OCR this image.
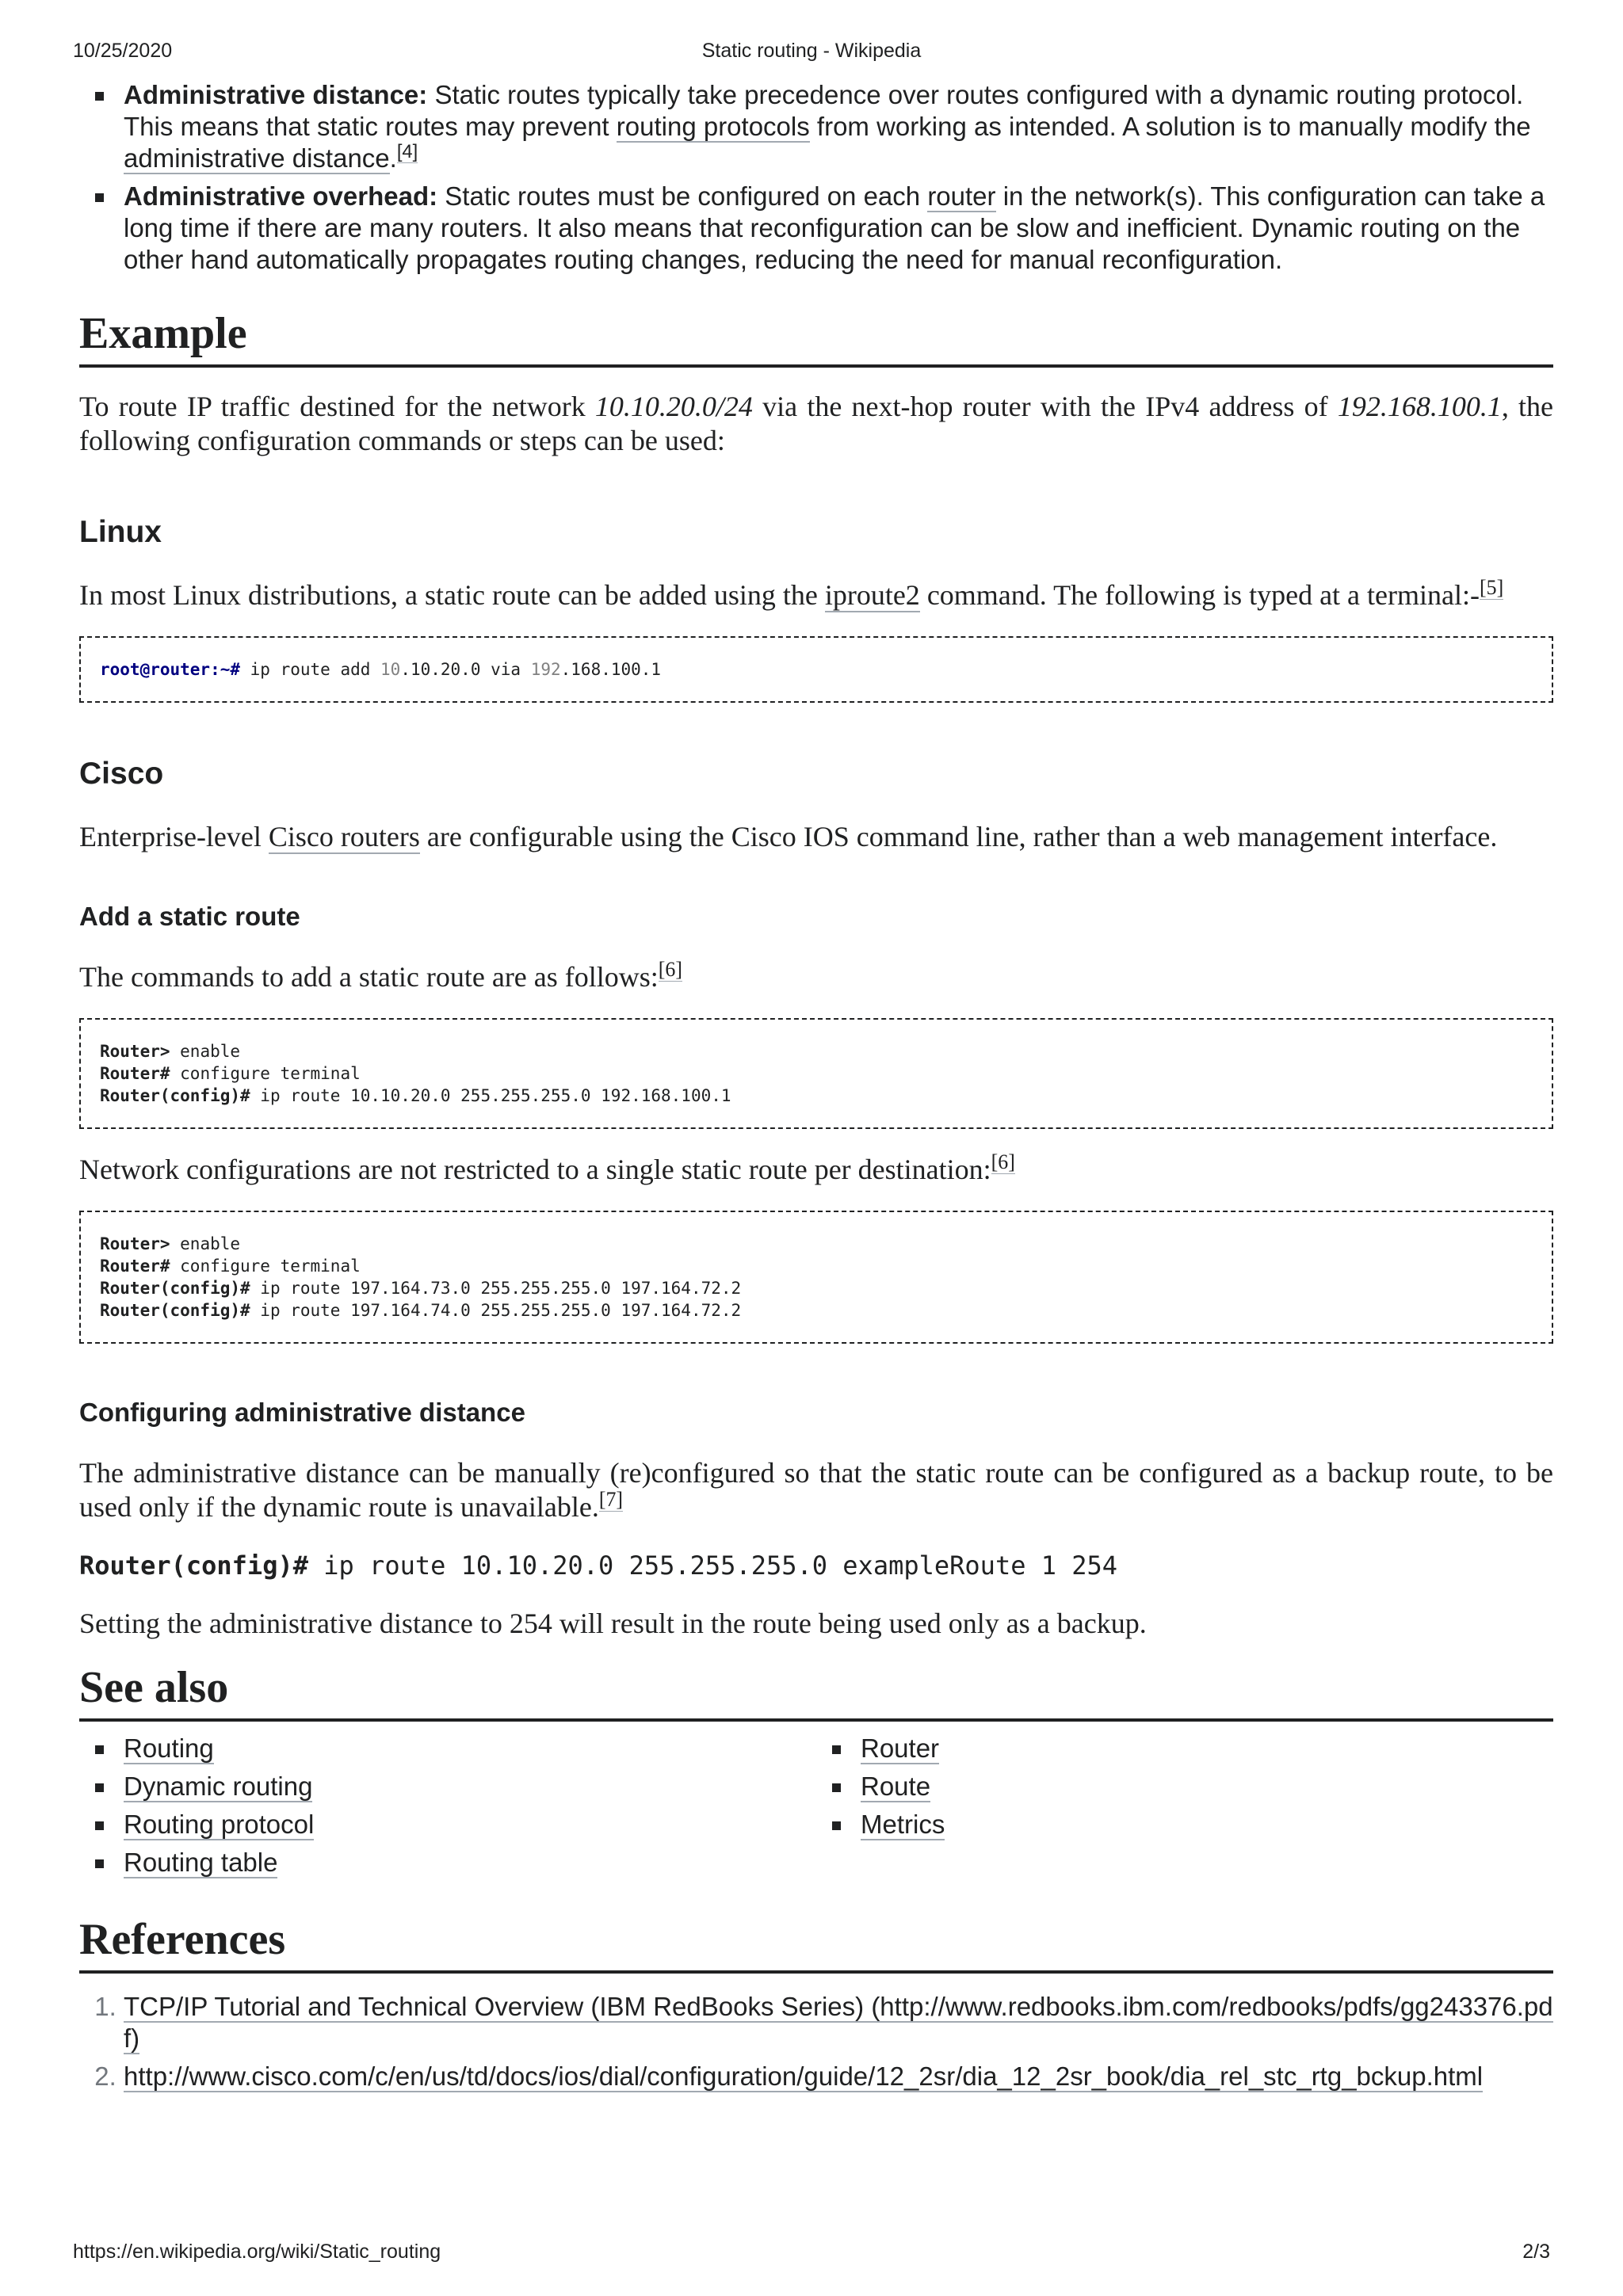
10/25/2020	Static routing - Wikipedia
Administrative distance: Static routes typically take precedence over routes configured with a dynamic routing protocol. This means that static routes may prevent routing protocols from working as intended. A solution is to manually modify the administrative distance.[4]
Administrative overhead: Static routes must be configured on each router in the network(s). This configuration can take a long time if there are many routers. It also means that reconfiguration can be slow and inefficient. Dynamic routing on the other hand automatically propagates routing changes, reducing the need for manual reconfiguration.
Example

To route IP traffic destined for the network 10.10.20.0/24 via the next-hop router with the IPv4 address of 192.168.100.1, the following configuration commands or steps can be used:

Linux

In most Linux distributions, a static route can be added using the iproute2 command. The following is typed at a terminal:-[5]

root@router:~# ip route add 10.10.20.0 via 192.168.100.1
Cisco

Enterprise-level Cisco routers are configurable using the Cisco IOS command line, rather than a web management interface.

Add a static route

The commands to add a static route are as follows:[6]

Router> enable
Router# configure terminal
Router(config)# ip route 10.10.20.0 255.255.255.0 192.168.100.1

Network configurations are not restricted to a single static route per destination:[6]

Router> enable
Router# configure terminal
Router(config)# ip route 197.164.73.0 255.255.255.0 197.164.72.2
Router(config)# ip route 197.164.74.0 255.255.255.0 197.164.72.2
Configuring administrative distance

The administrative distance can be manually (re)configured so that the static route can be configured as a backup route, to be used only if the dynamic route is unavailable.[7]

Router(config)# ip route 10.10.20.0 255.255.255.0 exampleRoute 1 254

Setting the administrative distance to 254 will result in the route being used only as a backup.

See also
Routing
Dynamic routing
Routing protocol
Routing table
Router
Route
Metrics
References
1. TCP/IP Tutorial and Technical Overview (IBM RedBooks Series) (http://www.redbooks.ibm.com/redbooks/pdfs/gg243376.pdf)
2. http://www.cisco.com/c/en/us/td/docs/ios/dial/configuration/guide/12_2sr/dia_12_2sr_book/dia_rel_stc_rtg_bckup.html
https://en.wikipedia.org/wiki/Static_routing	2/3
